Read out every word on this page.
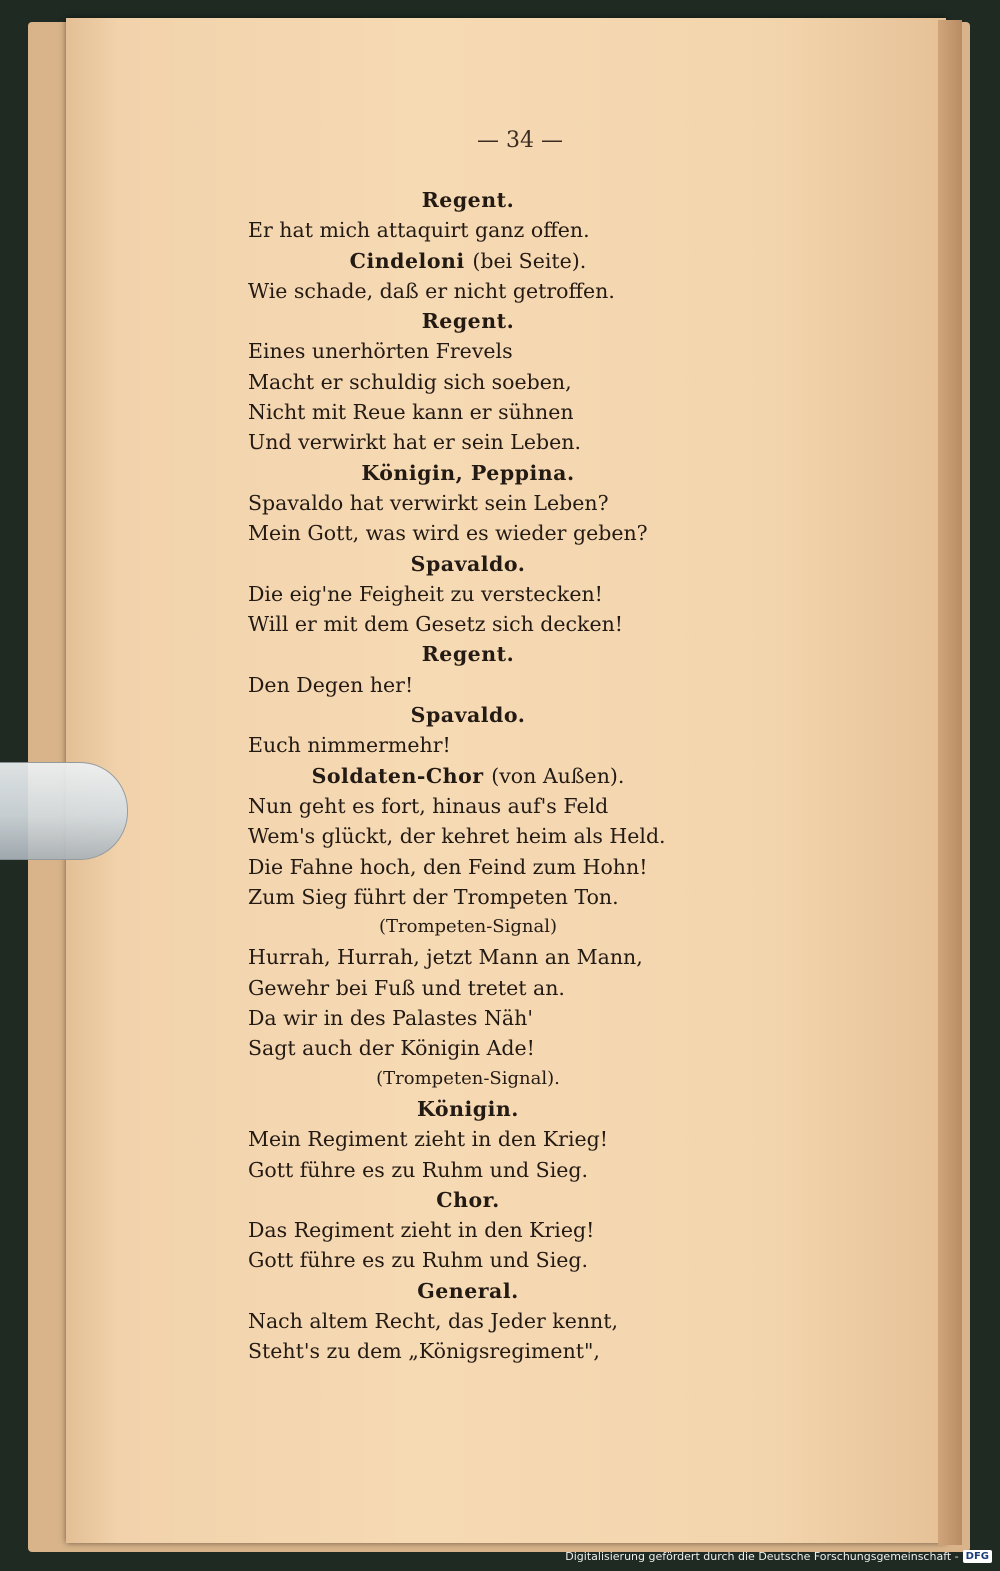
— 34 —
Regent.
Er hat mich attaquirt ganz offen.
Cindeloni (bei Seite).
Wie schade, daß er nicht getroffen.
Regent.
Eines unerhörten Frevels
Macht er schuldig sich soeben,
Nicht mit Reue kann er sühnen
Und verwirkt hat er sein Leben.
Königin, Peppina.
Spavaldo hat verwirkt sein Leben?
Mein Gott, was wird es wieder geben?
Spavaldo.
Die eig'ne Feigheit zu verstecken!
Will er mit dem Gesetz sich decken!
Regent.
Den Degen her!
Spavaldo.
Euch nimmermehr!
Soldaten-Chor (von Außen).
Nun geht es fort, hinaus auf's Feld
Wem's glückt, der kehret heim als Held.
Die Fahne hoch, den Feind zum Hohn!
Zum Sieg führt der Trompeten Ton.
(Trompeten-Signal)
Hurrah, Hurrah, jetzt Mann an Mann,
Gewehr bei Fuß und tretet an.
Da wir in des Palastes Näh'
Sagt auch der Königin Ade!
(Trompeten-Signal).
Königin.
Mein Regiment zieht in den Krieg!
Gott führe es zu Ruhm und Sieg.
Chor.
Das Regiment zieht in den Krieg!
Gott führe es zu Ruhm und Sieg.
General.
Nach altem Recht, das Jeder kennt,
Steht's zu dem „Königsregiment",
Digitalisierung gefördert durch die Deutsche Forschungsgemeinschaft - DFG
